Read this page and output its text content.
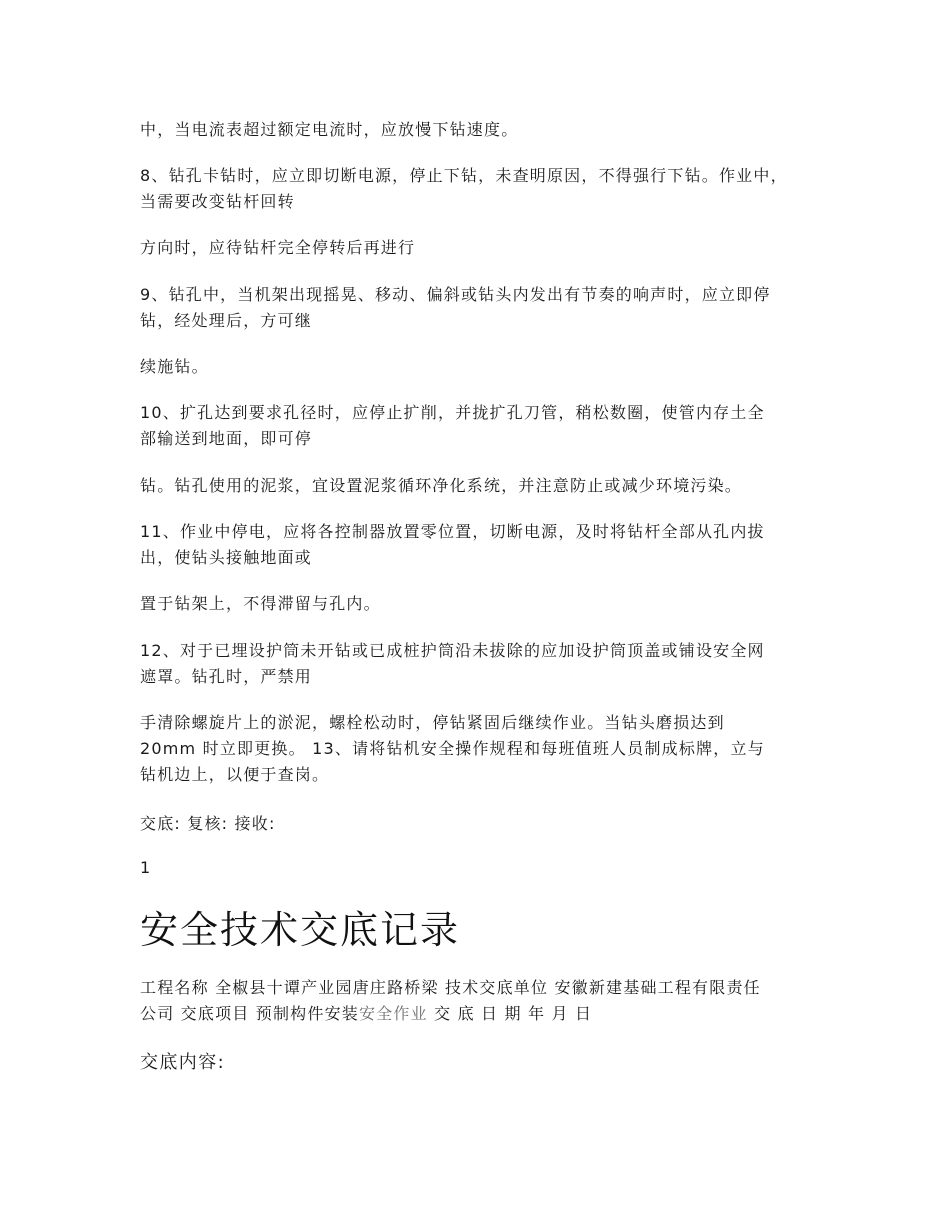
中，当电流表超过额定电流时，应放慢下钻速度。
8、钻孔卡钻时，应立即切断电源，停止下钻，未查明原因，不得强行下钻。作业中，
当需要改变钻杆回转
方向时，应待钻杆完全停转后再进行
9、钻孔中，当机架出现摇晃、移动、偏斜或钻头内发出有节奏的响声时，应立即停
钻，经处理后，方可继
续施钻。
10、扩孔达到要求孔径时，应停止扩削，并拢扩孔刀管，稍松数圈，使管内存土全
部输送到地面，即可停
钻。钻孔使用的泥浆，宜设置泥浆循环净化系统，并注意防止或减少环境污染。
11、作业中停电，应将各控制器放置零位置，切断电源，及时将钻杆全部从孔内拔
出，使钻头接触地面或
置于钻架上，不得滞留与孔内。
12、对于已埋设护筒未开钻或已成桩护筒沿未拔除的应加设护筒顶盖或铺设安全网
遮罩。钻孔时，严禁用
手清除螺旋片上的淤泥，螺栓松动时，停钻紧固后继续作业。当钻头磨损达到
20mm 时立即更换。 13、请将钻机安全操作规程和每班值班人员制成标牌，立与
钻机边上，以便于查岗。
交底: 复核: 接收:
1
安全技术交底记录
工程名称 全椒县十谭产业园唐庄路桥梁 技术交底单位 安徽新建基础工程有限责任
公司 交底项目 预制构件安装安全作业 交 底 日 期 年 月 日
交底内容:
